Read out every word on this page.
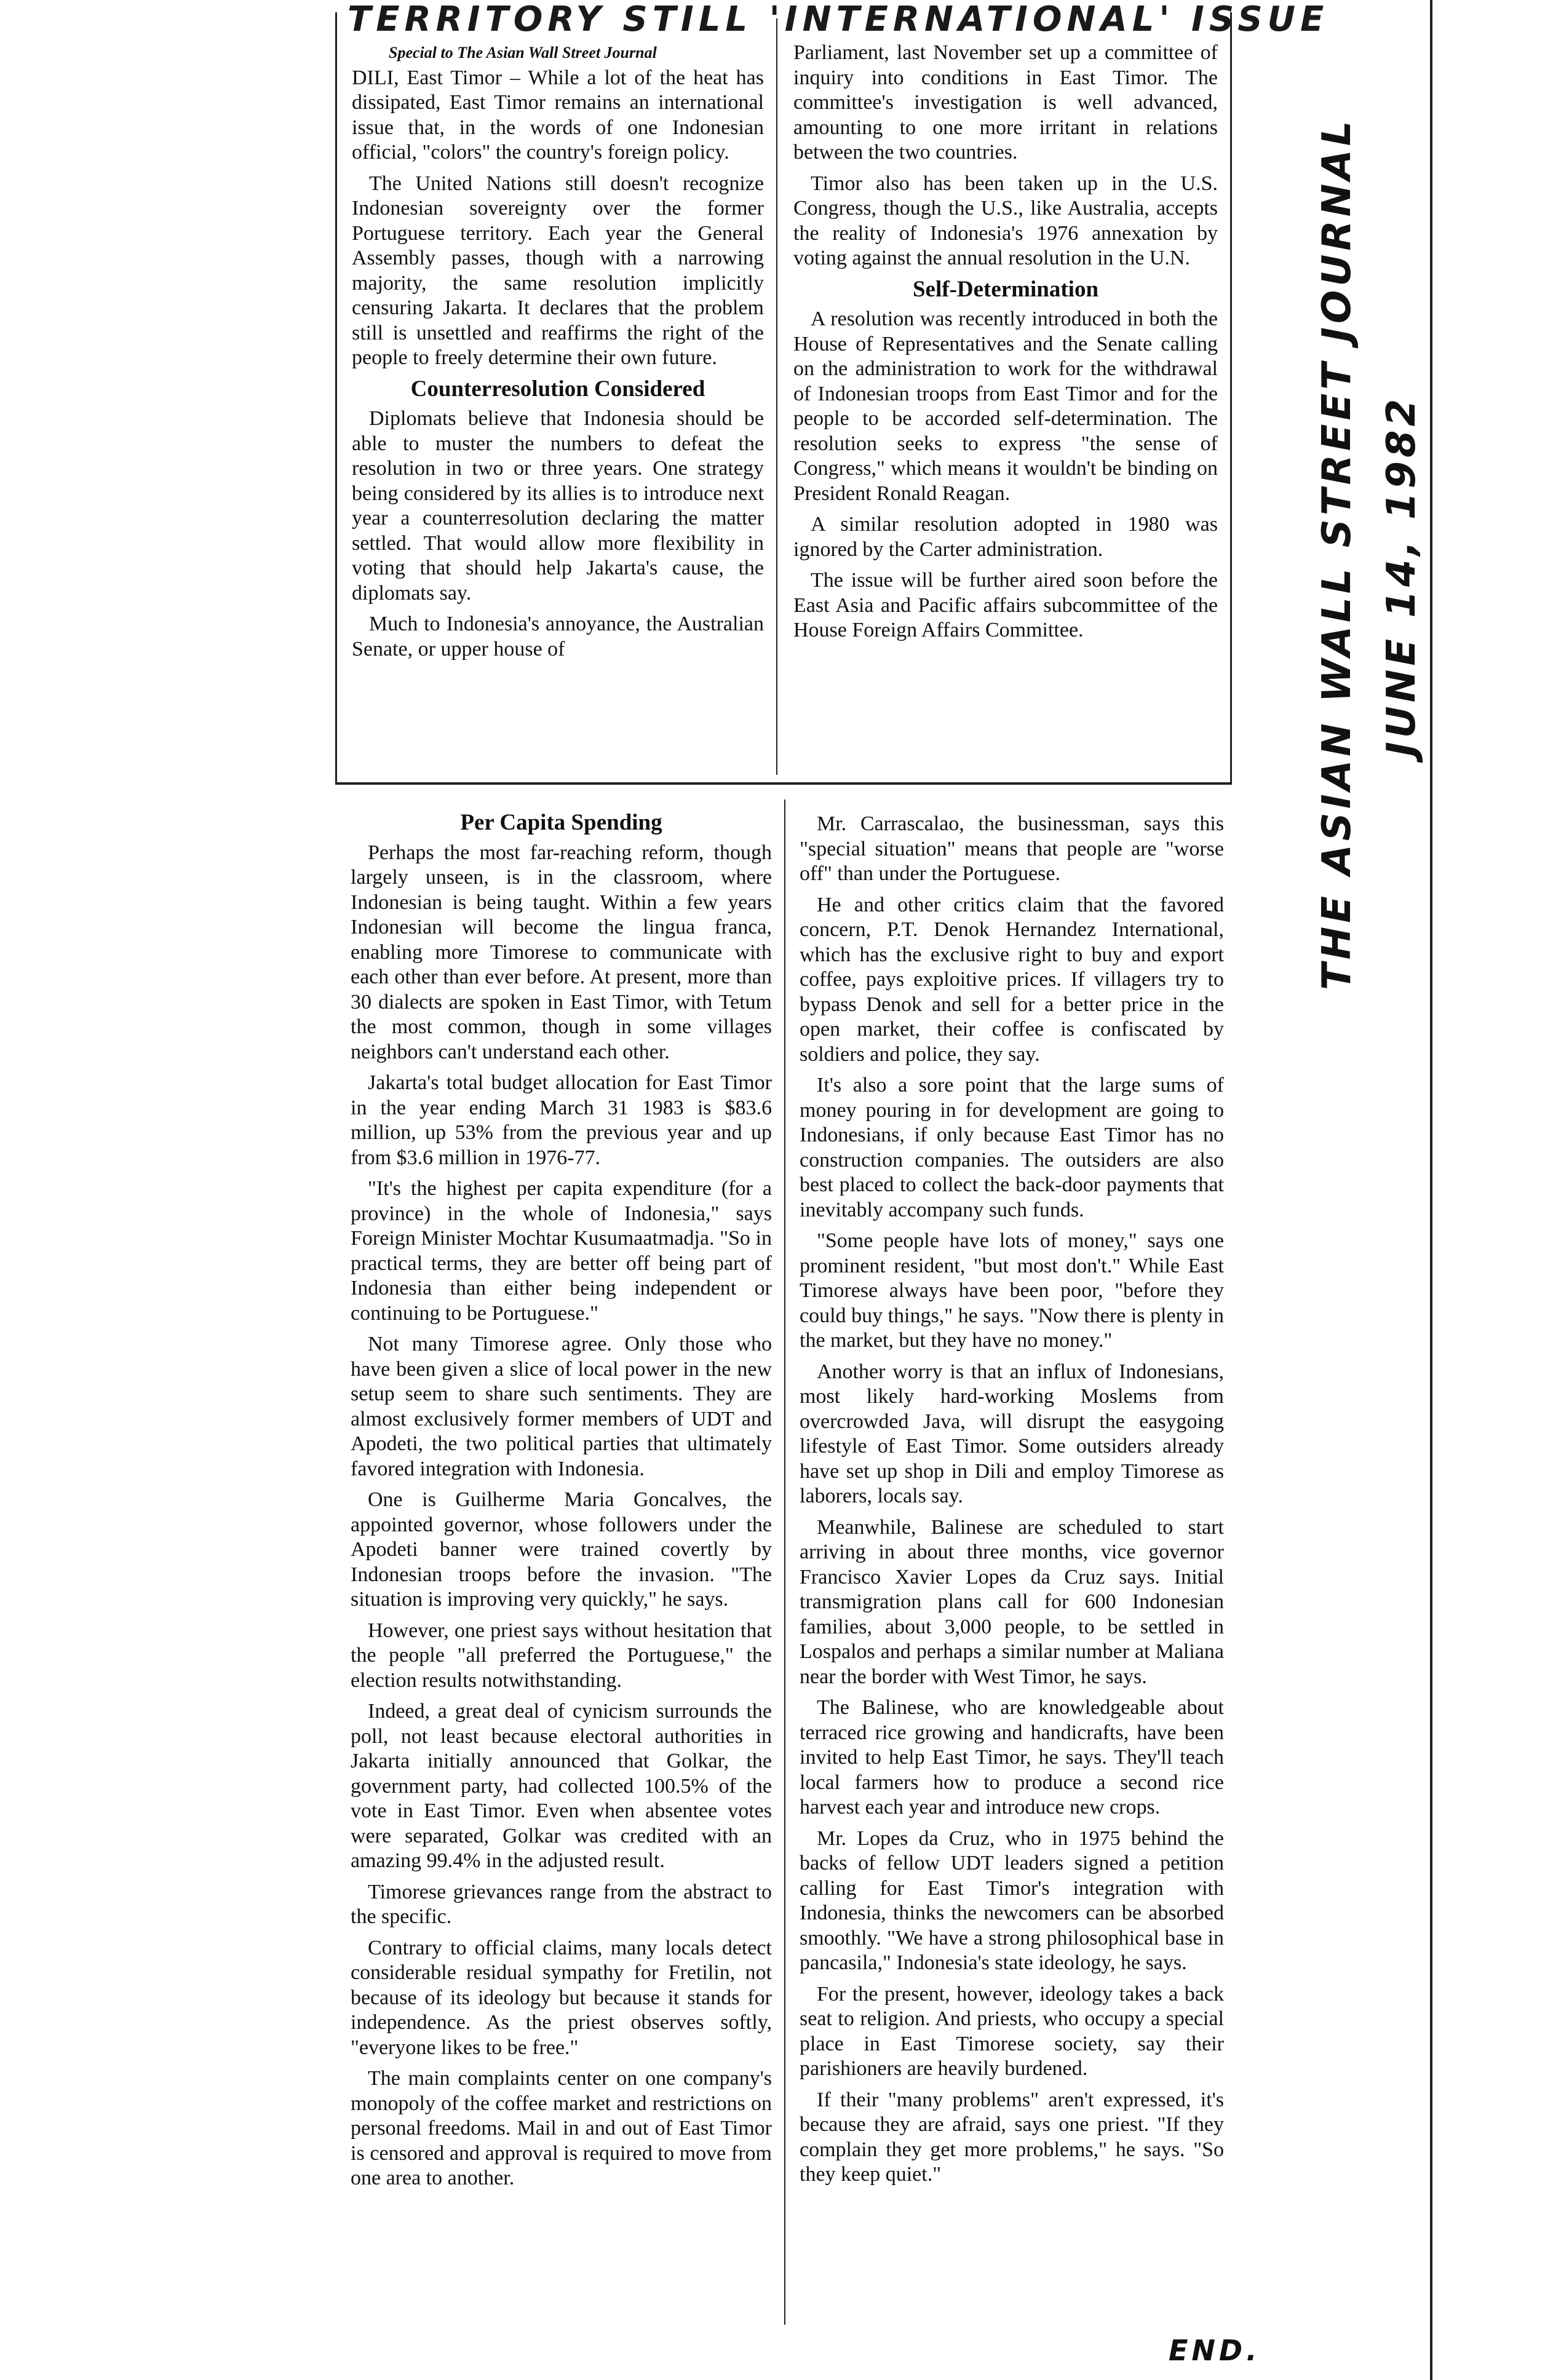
TERRITORY STILL 'INTERNATIONAL' ISSUE
Special to The Asian Wall Street Journal

DILI, East Timor – While a lot of the heat has dissipated, East Timor remains an international issue that, in the words of one Indonesian official, "colors" the country's foreign policy.

The United Nations still doesn't recognize Indonesian sovereignty over the former Portuguese territory. Each year the General Assembly passes, though with a narrowing majority, the same resolution implicitly censuring Jakarta. It declares that the problem still is unsettled and reaffirms the right of the people to freely determine their own future.

Counterresolution Considered

Diplomats believe that Indonesia should be able to muster the numbers to defeat the resolution in two or three years. One strategy being considered by its allies is to introduce next year a counterresolution declaring the matter settled. That would allow more flexibility in voting that should help Jakarta's cause, the diplomats say.

Much to Indonesia's annoyance, the Australian Senate, or upper house of

Parliament, last November set up a committee of inquiry into conditions in East Timor. The committee's investigation is well advanced, amounting to one more irritant in relations between the two countries.

Timor also has been taken up in the U.S. Congress, though the U.S., like Australia, accepts the reality of Indonesia's 1976 annexation by voting against the annual resolution in the U.N.

Self-Determination

A resolution was recently introduced in both the House of Representatives and the Senate calling on the administration to work for the withdrawal of Indonesian troops from East Timor and for the people to be accorded self-determination. The resolution seeks to express "the sense of Congress," which means it wouldn't be binding on President Ronald Reagan.

A similar resolution adopted in 1980 was ignored by the Carter administration.

The issue will be further aired soon before the East Asia and Pacific affairs subcommittee of the House Foreign Affairs Committee.

Per Capita Spending

Perhaps the most far-reaching reform, though largely unseen, is in the classroom, where Indonesian is being taught. Within a few years Indonesian will become the lingua franca, enabling more Timorese to communicate with each other than ever before. At present, more than 30 dialects are spoken in East Timor, with Tetum the most common, though in some villages neighbors can't understand each other.

Jakarta's total budget allocation for East Timor in the year ending March 31 1983 is $83.6 million, up 53% from the previous year and up from $3.6 million in 1976-77.

"It's the highest per capita expenditure (for a province) in the whole of Indonesia," says Foreign Minister Mochtar Kusumaatmadja. "So in practical terms, they are better off being part of Indonesia than either being independent or continuing to be Portuguese."

Not many Timorese agree. Only those who have been given a slice of local power in the new setup seem to share such sentiments. They are almost exclusively former members of UDT and Apodeti, the two political parties that ultimately favored integration with Indonesia.

One is Guilherme Maria Goncalves, the appointed governor, whose followers under the Apodeti banner were trained covertly by Indonesian troops before the invasion. "The situation is improving very quickly," he says.

However, one priest says without hesitation that the people "all preferred the Portuguese," the election results notwithstanding.

Indeed, a great deal of cynicism surrounds the poll, not least because electoral authorities in Jakarta initially announced that Golkar, the government party, had collected 100.5% of the vote in East Timor. Even when absentee votes were separated, Golkar was credited with an amazing 99.4% in the adjusted result.

Timorese grievances range from the abstract to the specific.

Contrary to official claims, many locals detect considerable residual sympathy for Fretilin, not because of its ideology but because it stands for independence. As the priest observes softly, "everyone likes to be free."

The main complaints center on one company's monopoly of the coffee market and restrictions on personal freedoms. Mail in and out of East Timor is censored and approval is required to move from one area to another.

Mr. Carrascalao, the businessman, says this "special situation" means that people are "worse off" than under the Portuguese.

He and other critics claim that the favored concern, P.T. Denok Hernandez International, which has the exclusive right to buy and export coffee, pays exploitive prices. If villagers try to bypass Denok and sell for a better price in the open market, their coffee is confiscated by soldiers and police, they say.

It's also a sore point that the large sums of money pouring in for development are going to Indonesians, if only because East Timor has no construction companies. The outsiders are also best placed to collect the back-door payments that inevitably accompany such funds.

"Some people have lots of money," says one prominent resident, "but most don't." While East Timorese always have been poor, "before they could buy things," he says. "Now there is plenty in the market, but they have no money."

Another worry is that an influx of Indonesians, most likely hard-working Moslems from overcrowded Java, will disrupt the easygoing lifestyle of East Timor. Some outsiders already have set up shop in Dili and employ Timorese as laborers, locals say.

Meanwhile, Balinese are scheduled to start arriving in about three months, vice governor Francisco Xavier Lopes da Cruz says. Initial transmigration plans call for 600 Indonesian families, about 3,000 people, to be settled in Lospalos and perhaps a similar number at Maliana near the border with West Timor, he says.

The Balinese, who are knowledgeable about terraced rice growing and handicrafts, have been invited to help East Timor, he says. They'll teach local farmers how to produce a second rice harvest each year and introduce new crops.

Mr. Lopes da Cruz, who in 1975 behind the backs of fellow UDT leaders signed a petition calling for East Timor's integration with Indonesia, thinks the newcomers can be absorbed smoothly. "We have a strong philosophical base in pancasila," Indonesia's state ideology, he says.

For the present, however, ideology takes a back seat to religion. And priests, who occupy a special place in East Timorese society, say their parishioners are heavily burdened.

If their "many problems" aren't expressed, it's because they are afraid, says one priest. "If they complain they get more problems," he says. "So they keep quiet."

THE ASIAN WALL STREET JOURNAL JUNE 14, 1982
END.
